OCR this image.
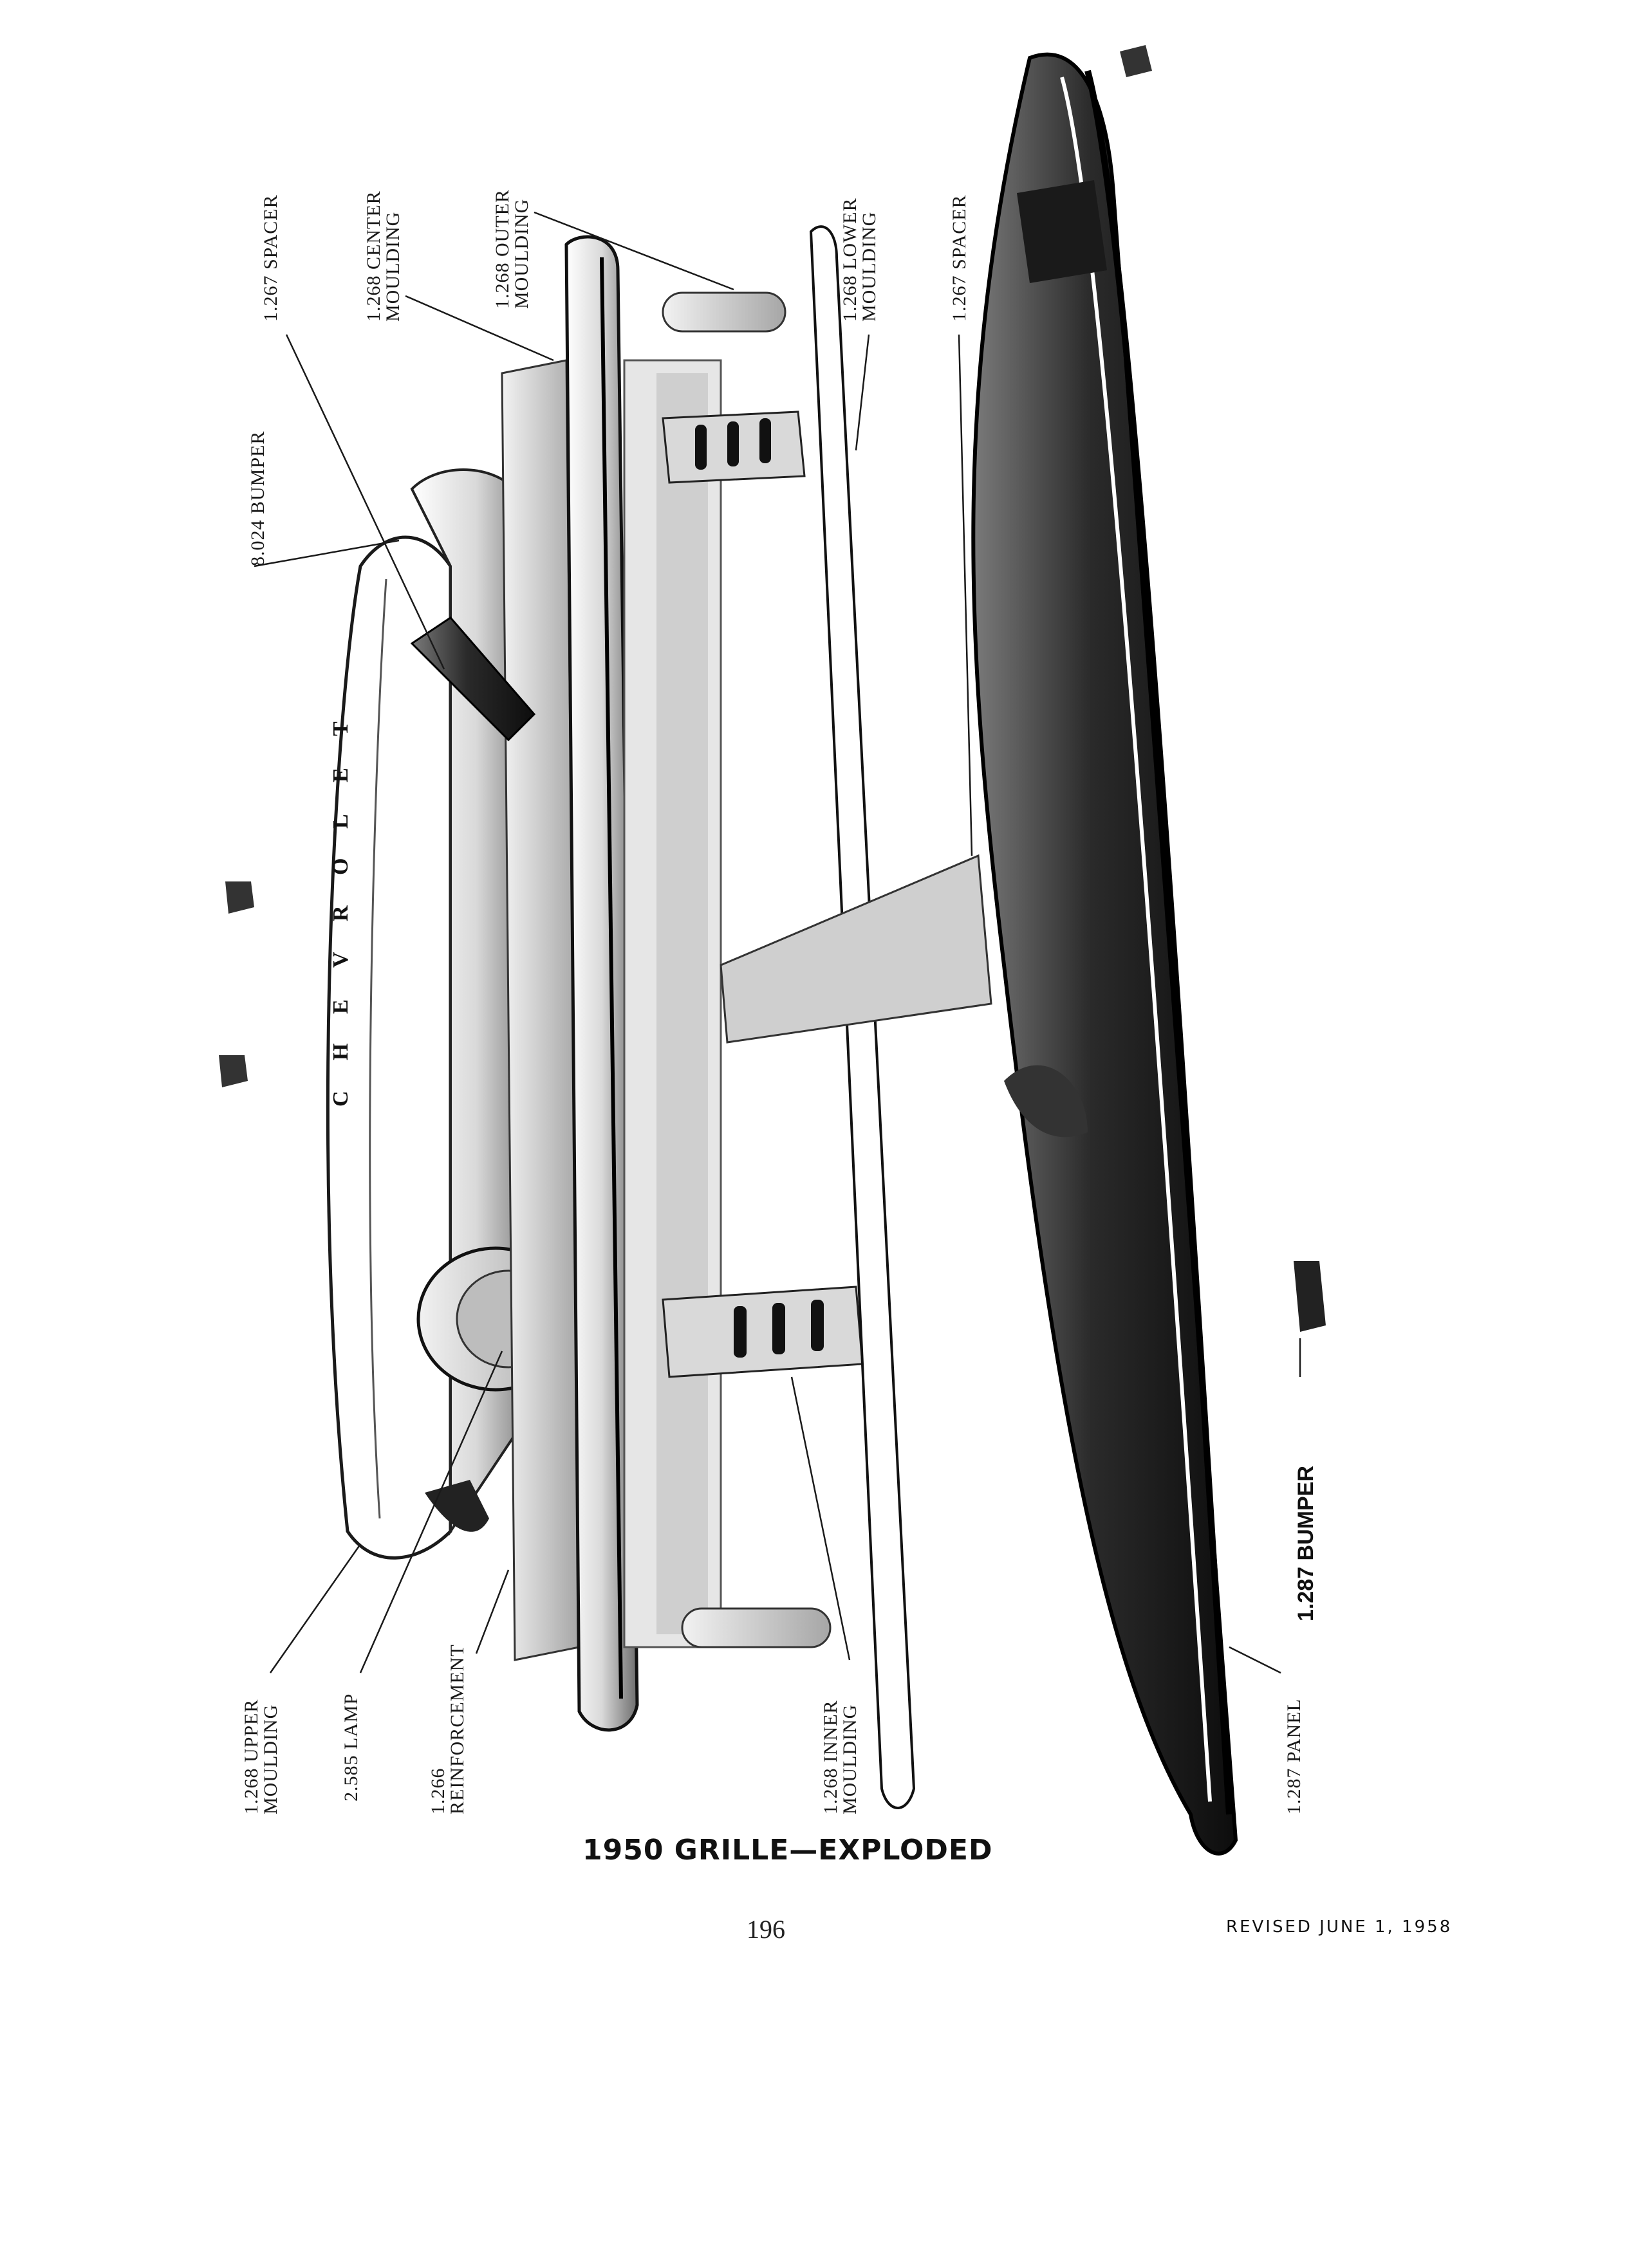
C
H
E
V
R
O
L
E
T
8.024 BUMPER
1.267 SPACER	1.268 CENTER
MOULDING	1.268 OUTER
MOULDING	1.268 LOWER
MOULDING	1.267 SPACER
1.268 UPPER
MOULDING	2.585 LAMP	1.266
REINFORCEMENT	1.268 INNER
MOULDING	1.287 PANEL
1.287 BUMPER
1950 GRILLE—EXPLODED
196	REVISED JUNE 1, 1958
